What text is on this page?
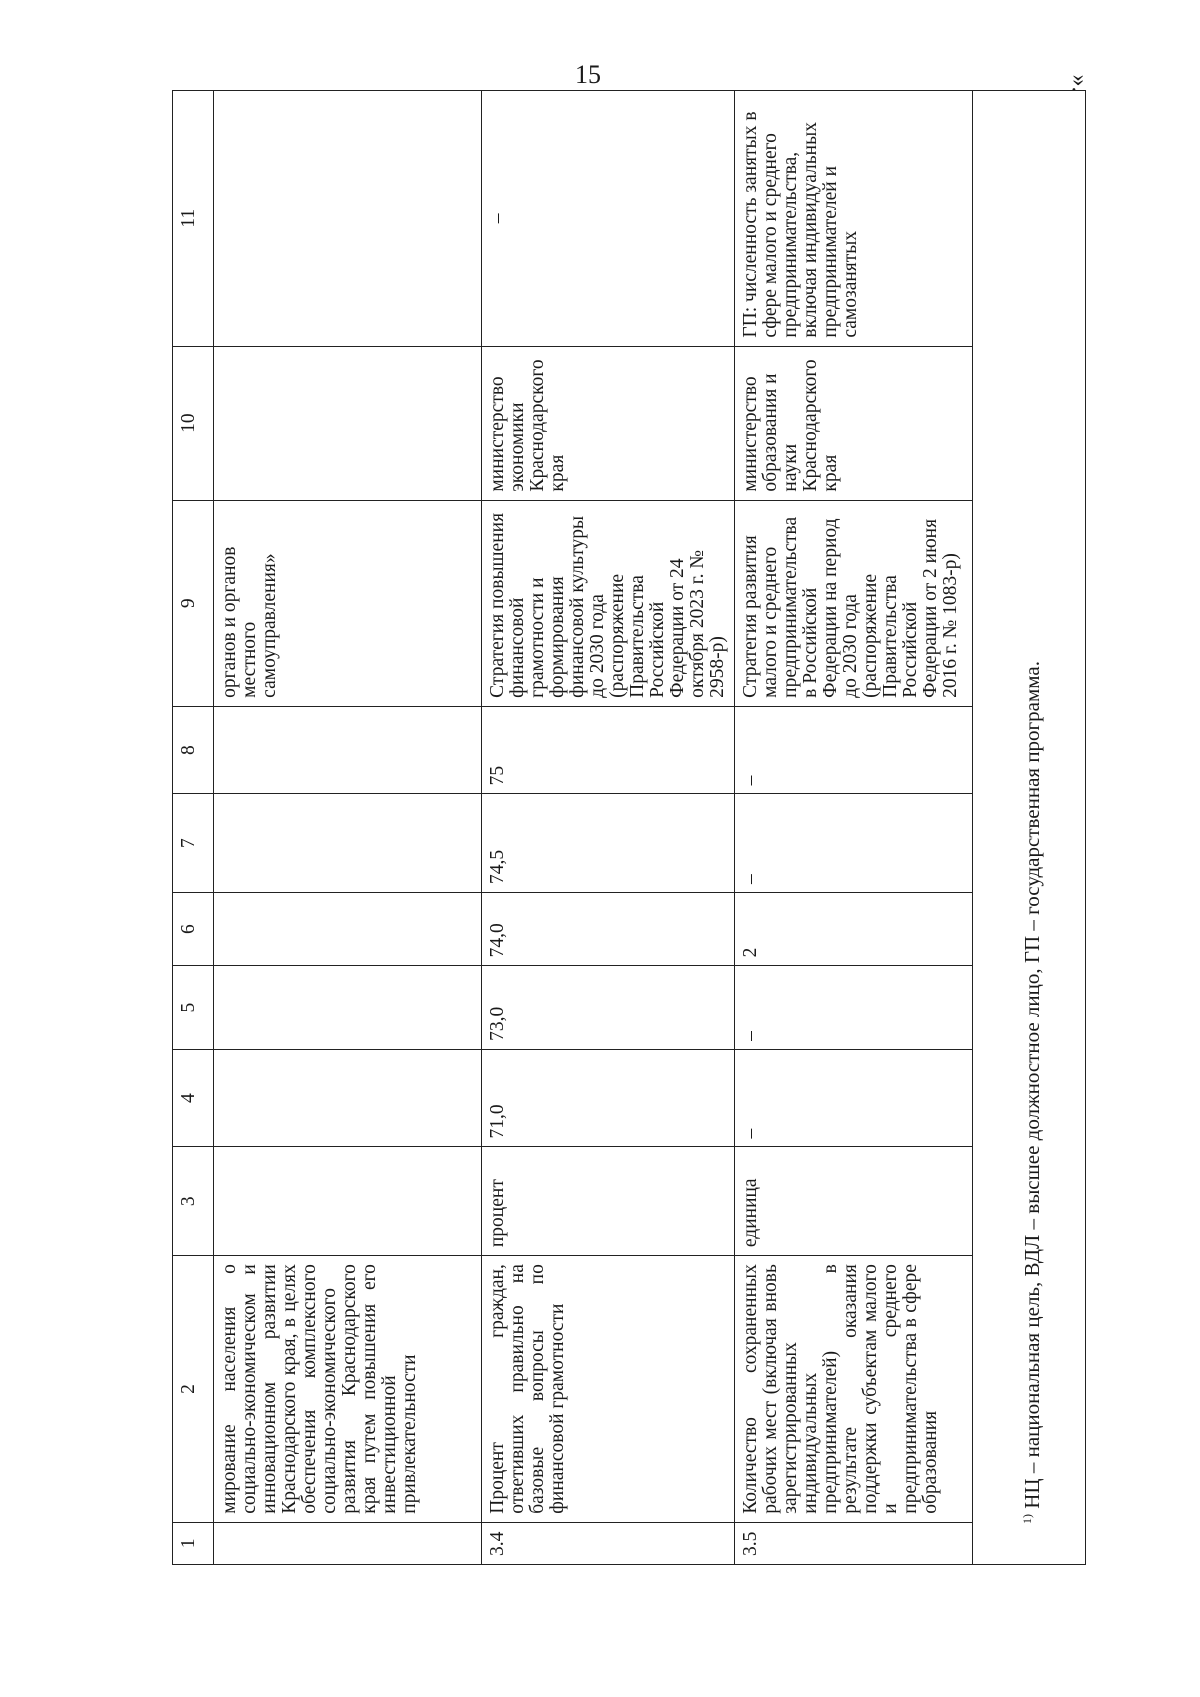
15	».
1	2	3	4	5	6	7	8	9	10	11
	мирование населения о социально-экономическом и инновационном развитии Краснодарского края, в целях обеспечения комплексного социально-экономического развития Краснодарского края путем повышения его инвестиционной привлекательности							органов и органов местного самоуправления»		
3.4	Процент граждан, ответивших правильно на базовые вопросы по финансовой грамотности	процент	71,0	73,0	74,0	74,5	75	Стратегия повышения финансовой грамотности и формирования финансовой культуры до 2030 года (распоряжение Правительства Российской Федерации от 24 октября 2023 г. № 2958-р)	министерство экономики Краснодарского края	–
3.5	Количество сохраненных рабочих мест (включая вновь зарегистрированных индивидуальных предпринимателей) в результате оказания поддержки субъектам малого и среднего предпринимательства в сфере образования	единица	–	–	2	–	–	Стратегия развития малого и среднего предпринимательства в Российской Федерации на период до 2030 года (распоряжение Правительства Российской Федерации от 2 июня 2016 г. № 1083-р)	министерство образования и науки Краснодарского края	ГП: численность занятых в сфере малого и среднего предпринимательства, включая индивидуальных предпринимателей и самозанятых
$^{1)}$ НЦ – национальная цель, ВДЛ – высшее должностное лицо, ГП – государственная программа.										
